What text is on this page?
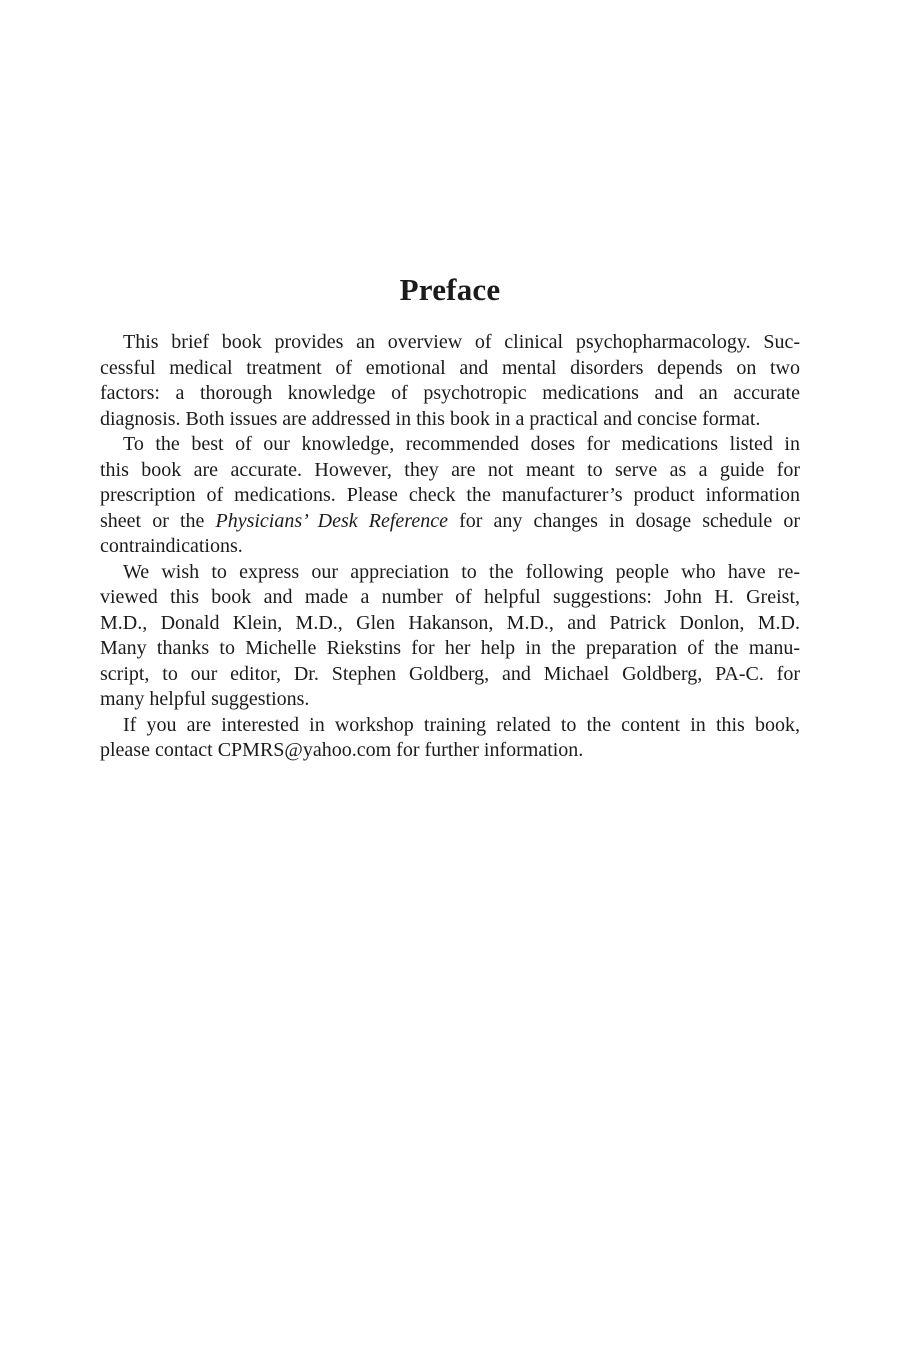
Preface

This brief book provides an overview of clinical psychopharmacology. Suc-
cessful medical treatment of emotional and mental disorders depends on two
factors: a thorough knowledge of psychotropic medications and an accurate
diagnosis. Both issues are addressed in this book in a practical and concise format.

To the best of our knowledge, recommended doses for medications listed in
this book are accurate. However, they are not meant to serve as a guide for
prescription of medications. Please check the manufacturer’s product information
sheet or the Physicians’ Desk Reference for any changes in dosage schedule or
contraindications.

We wish to express our appreciation to the following people who have re-
viewed this book and made a number of helpful suggestions: John H. Greist,
M.D., Donald Klein, M.D., Glen Hakanson, M.D., and Patrick Donlon, M.D.
Many thanks to Michelle Riekstins for her help in the preparation of the manu-
script, to our editor, Dr. Stephen Goldberg, and Michael Goldberg, PA-C. for
many helpful suggestions.

If you are interested in workshop training related to the content in this book,
please contact CPMRS@yahoo.com for further information.
